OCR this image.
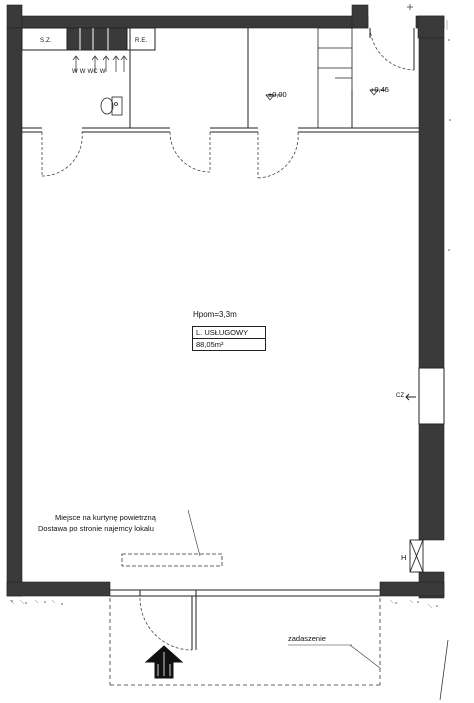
S.Z.	R.E.
W W WC W
±0,00
+0,45
Hpom=3,3m
L. USŁUGOWY
88,05m²
CZ
H
Miejsce na kurtynę powietrzną
Dostawa po stronie najemcy lokalu
zadaszenie
